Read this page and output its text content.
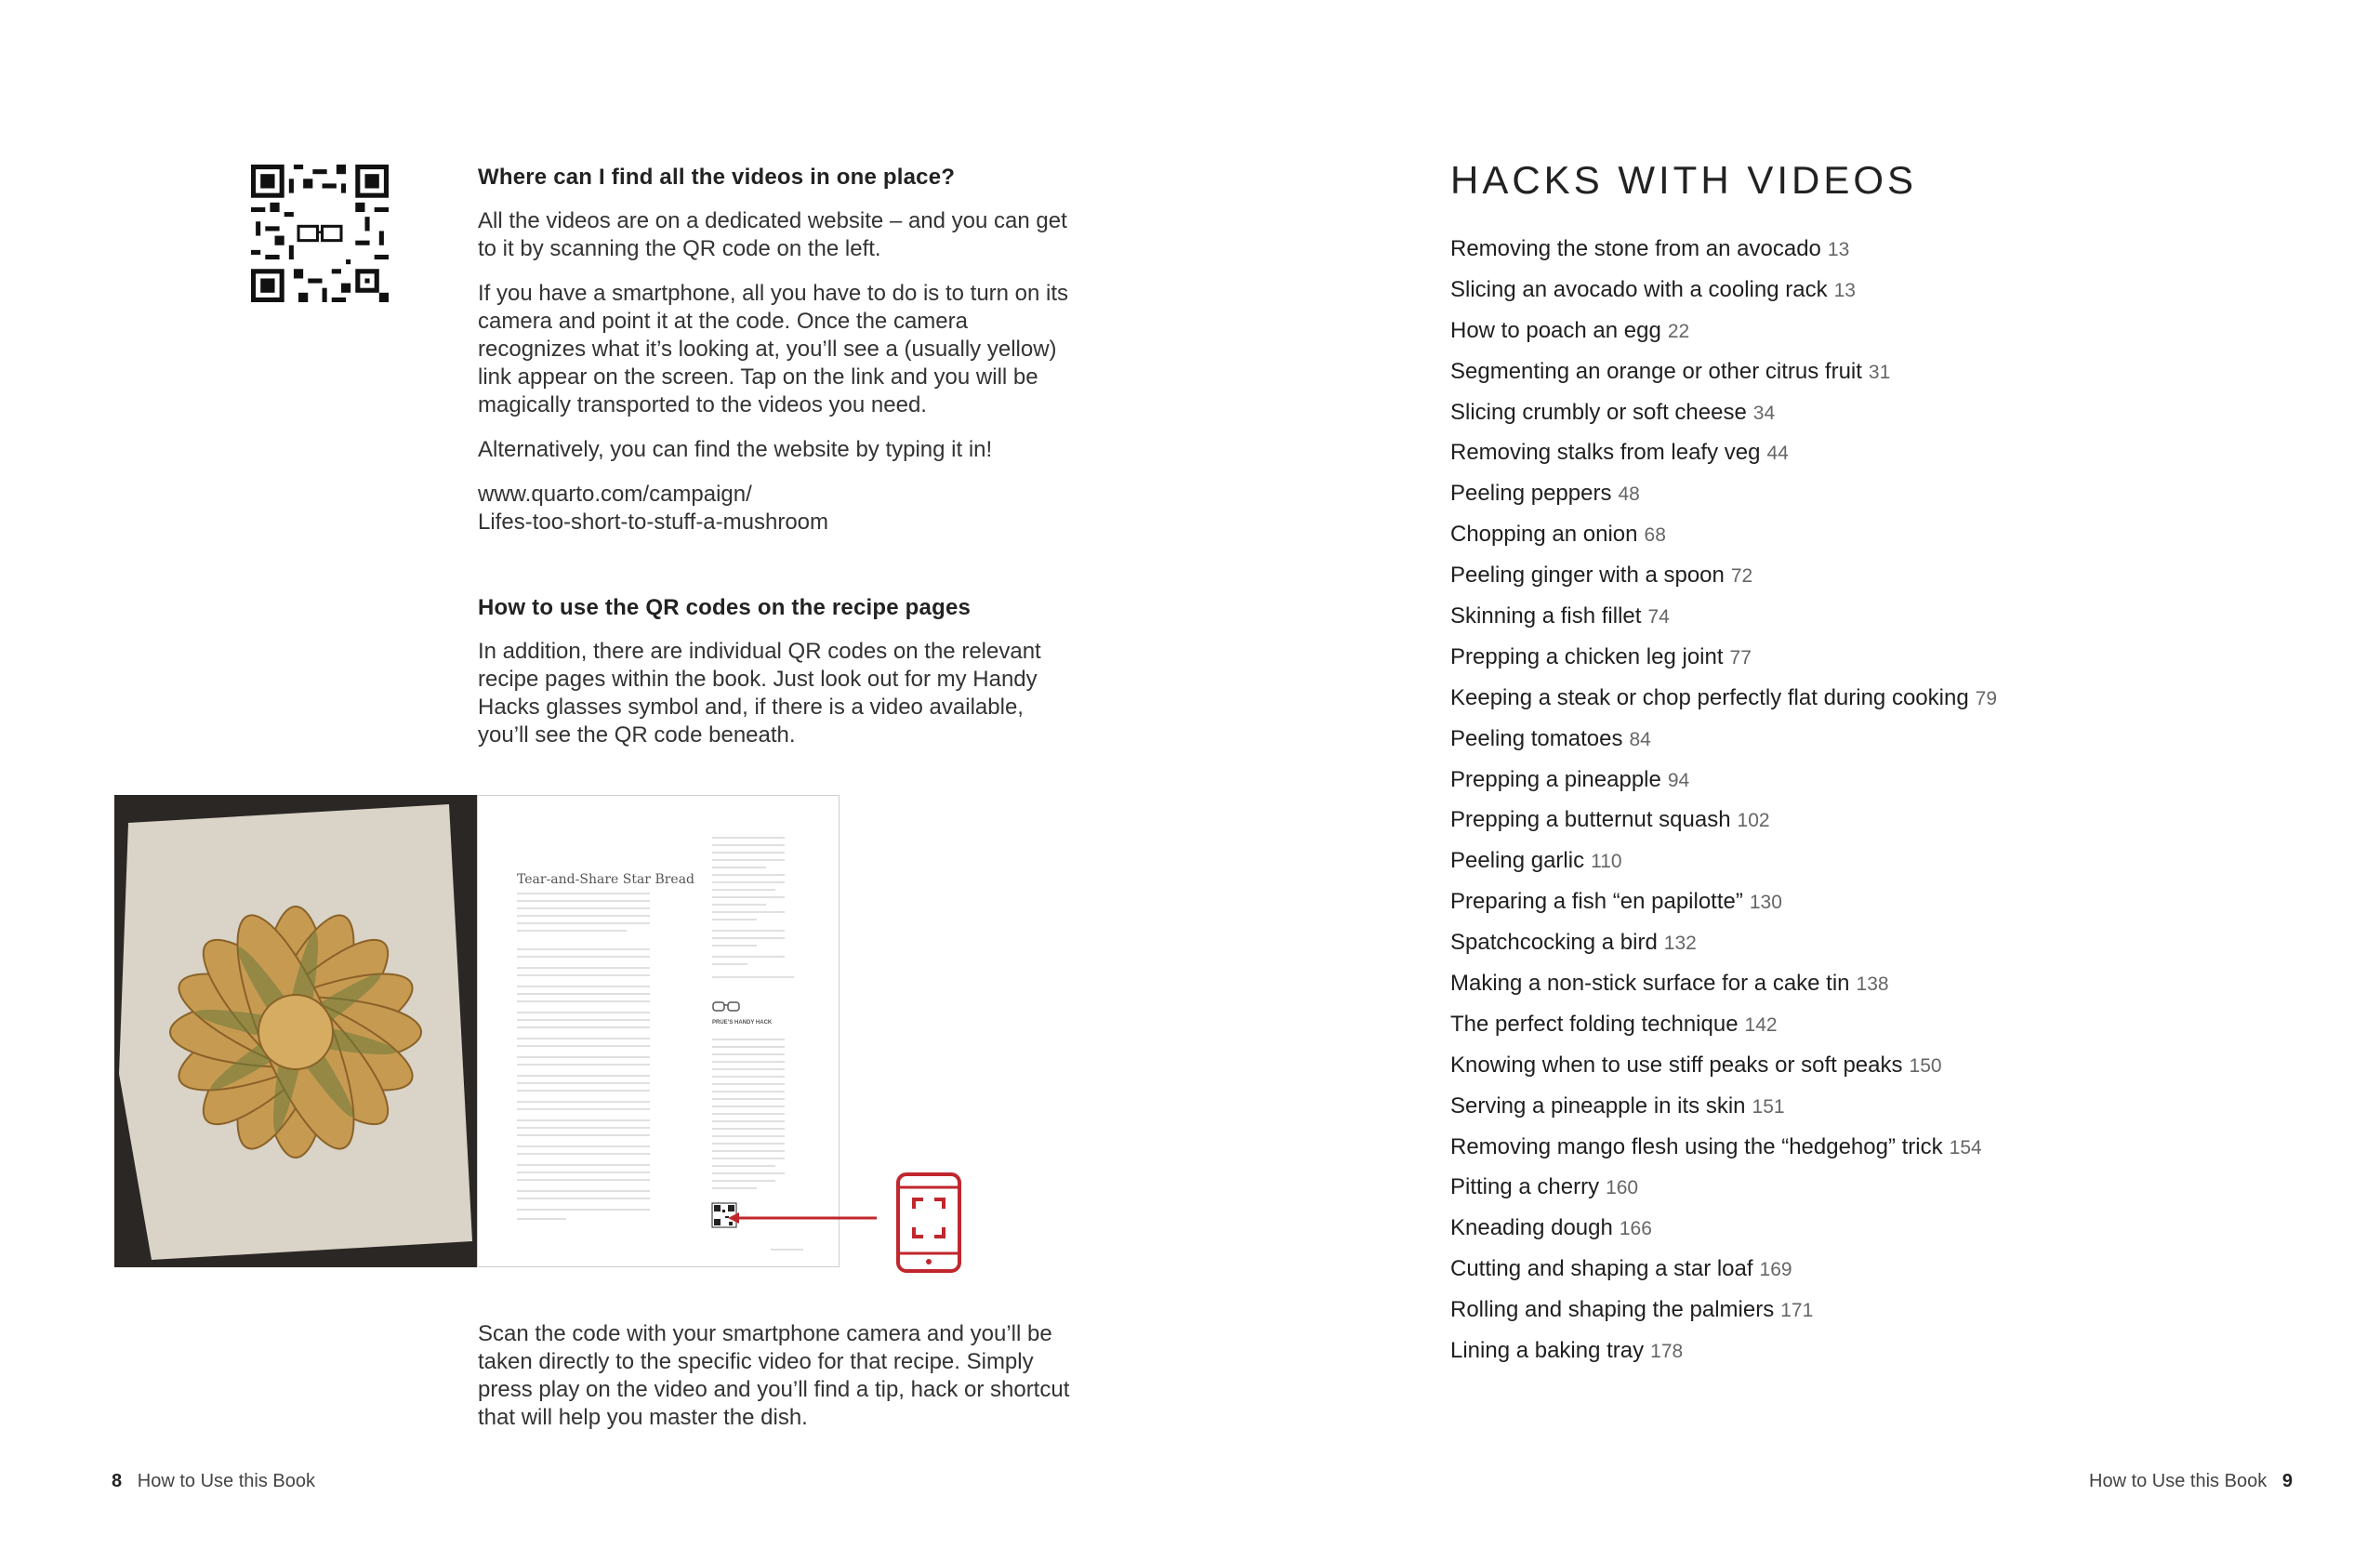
Where can I find all the videos in one place?

All the videos are on a dedicated website – and you can get to it by scanning the QR code on the left.

If you have a smartphone, all you have to do is to turn on its camera and point it at the code. Once the camera recognizes what it’s looking at, you’ll see a (usually yellow) link appear on the screen. Tap on the link and you will be magically transported to the videos you need.

Alternatively, you can find the website by typing it in!

www.quarto.com/campaign/
Lifes-too-short-to-stuff-a-mushroom

How to use the QR codes on the recipe pages

In addition, there are individual QR codes on the relevant recipe pages within the book. Just look out for my Handy Hacks glasses symbol and, if there is a video available, you’ll see the QR code beneath.

Tear-and-Share Star Bread
PRUE’S HANDY HACK

Scan the code with your smartphone camera and you’ll be taken directly to the specific video for that recipe. Simply press play on the video and you’ll find a tip, hack or shortcut that will help you master the dish.

8 How to Use this Book
HACKS WITH VIDEOS
Removing the stone from an avocado 13
Slicing an avocado with a cooling rack 13
How to poach an egg 22
Segmenting an orange or other citrus fruit 31
Slicing crumbly or soft cheese 34
Removing stalks from leafy veg 44
Peeling peppers 48
Chopping an onion 68
Peeling ginger with a spoon 72
Skinning a fish fillet 74
Prepping a chicken leg joint 77
Keeping a steak or chop perfectly flat during cooking 79
Peeling tomatoes 84
Prepping a pineapple 94
Prepping a butternut squash 102
Peeling garlic 110
Preparing a fish “en papilotte” 130
Spatchcocking a bird 132
Making a non-stick surface for a cake tin 138
The perfect folding technique 142
Knowing when to use stiff peaks or soft peaks 150
Serving a pineapple in its skin 151
Removing mango flesh using the “hedgehog” trick 154
Pitting a cherry 160
Kneading dough 166
Cutting and shaping a star loaf 169
Rolling and shaping the palmiers 171
Lining a baking tray 178
How to Use this Book 9
